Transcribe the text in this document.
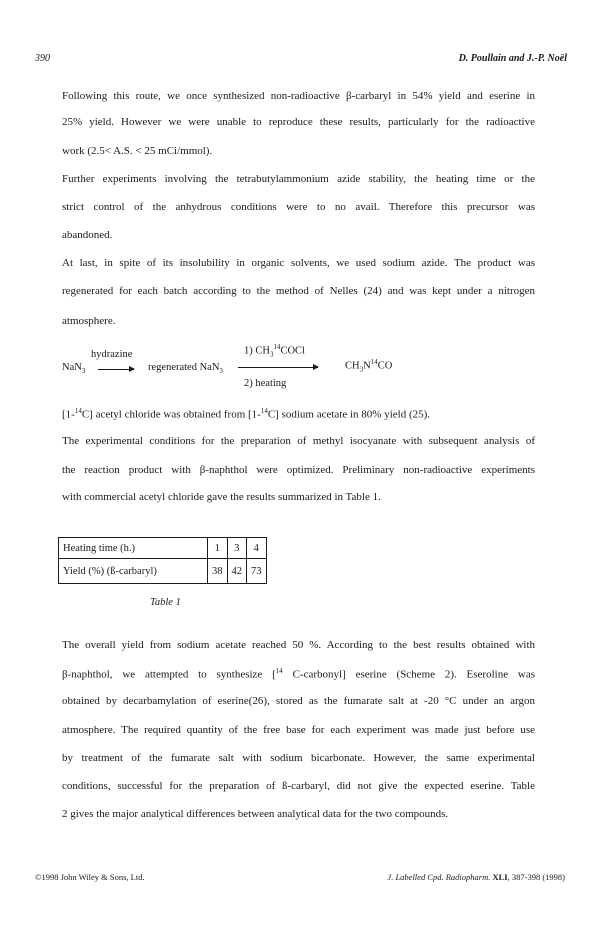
390	D. Poullain and J.-P. Noël
Following this route, we once synthesized non-radioactive β-carbaryl in 54% yield and eserine in
25% yield. However we were unable to reproduce these results, particularly for the radioactive
work (2.5< A.S. < 25 mCi/mmol).
Further experiments involving the tetrabutylammonium azide stability, the heating time or the
strict control of the anhydrous conditions were to no avail. Therefore this precursor was
abandoned.
At last, in spite of its insolubility in organic solvents, we used sodium azide. The product was
regenerated for each batch according to the method of Nelles (24) and was kept under a nitrogen
atmosphere.
hydrazine
NaN$_3$ → regenerated NaN$_3$
1) $CH_3^{14}COCl$
2) heating
$CH_3N^{14}CO$
[1-$^{14}$C] acetyl chloride was obtained from [1-$^{14}$C] sodium acetate in 80% yield (25).
The experimental conditions for the preparation of methyl isocyanate with subsequent analysis of
the reaction product with β-naphthol were optimized. Preliminary non-radioactive experiments
with commercial acetyl chloride gave the results summarized in Table 1.
Heating time (h.)	1	3	4
Yield (%) (ß-carbaryl)	38	42	73
Table 1
The overall yield from sodium acetate reached 50 %. According to the best results obtained with
β-naphthol, we attempted to synthesize [$^{14}$ C-carbonyl] eserine (Scheme 2). Eseroline was
obtained by decarbamylation of eserine(26), stored as the fumarate salt at -20 °C under an argon
atmosphere. The required quantity of the free base for each experiment was made just before use
by treatment of the fumarate salt with sodium bicarbonate. However, the same experimental
conditions, successful for the preparation of ß-carbaryl, did not give the expected eserine. Table
2 gives the major analytical differences between analytical data for the two compounds.
©1998 John Wiley & Sons, Ltd.	J. Labelled Cpd. Radiopharm. XLI, 387-398 (1998)
